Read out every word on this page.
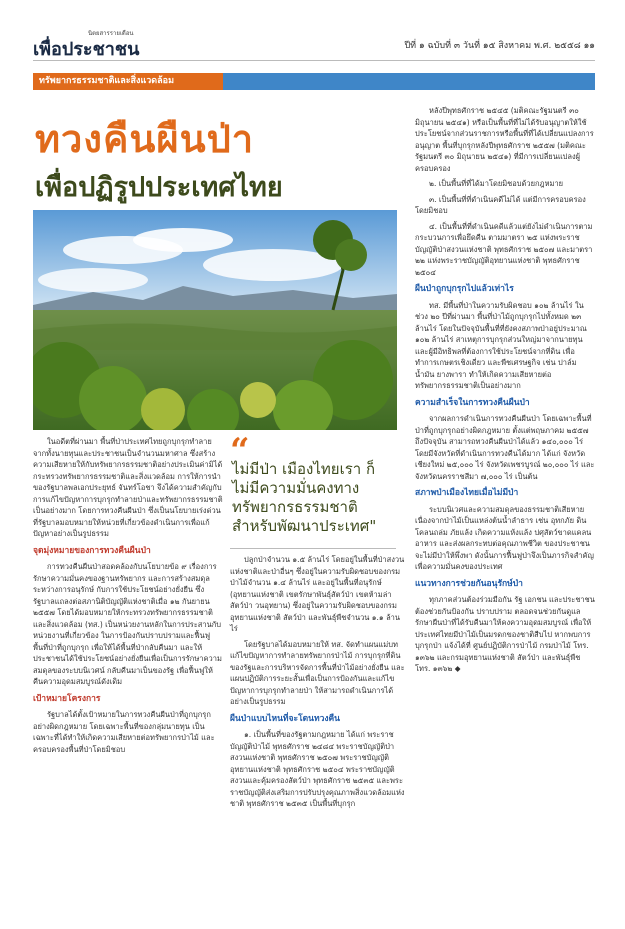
นิตยสารรายเดือน
เพื่อประชาชน	ปีที่ ๑ ฉบับที่ ๓ วันที่ ๑๕ สิงหาคม พ.ศ. ๒๕๕๘ ๑๑
ทรัพยากรธรรมชาติและสิ่งแวดล้อม
ทวงคืนผืนป่า
เพื่อปฏิรูปประเทศไทย

ในอดีตที่ผ่านมา พื้นที่ป่าประเทศไทยถูกบุกรุกทำลายจากทั้งนายทุนและประชาชนเป็นจำนวนมหาศาล ซึ่งสร้างความเสียหายให้กับทรัพยากรธรรมชาติอย่างประเมินค่ามิได้ กระทรวงทรัพยากรธรรมชาติและสิ่งแวดล้อม การให้การนำของรัฐบาลพลเอกประยุทธ์ จันทร์โอชา จึงได้ความสำคัญกับการแก้ไขปัญหาการบุกรุกทำลายป่าและทรัพยากรธรรมชาติเป็นอย่างมาก โดยการทวงคืนผืนป่า ซึ่งเป็นนโยบายเร่งด่วนที่รัฐบาลมอบหมายให้หน่วยที่เกี่ยวข้องดำเนินการเพื่อแก้ปัญหาอย่างเป็นรูปธรรม

จุดมุ่งหมายของการทวงคืนผืนป่า

การทวงคืนผืนป่าสอดคล้องกับนโยบายข้อ ๙ เรื่องการรักษาความมั่นคงของฐานทรัพยากร และการสร้างสมดุลระหว่างการอนุรักษ์ กับการใช้ประโยชน์อย่างยั่งยืน ซึ่งรัฐบาลแถลงต่อสภานิติบัญญัติแห่งชาติเมื่อ ๑๒ กันยายน ๒๕๕๗ โดยได้มอบหมายให้กระทรวงทรัพยากรธรรมชาติและสิ่งแวดล้อม (ทส.) เป็นหน่วยงานหลักในการประสานกับหน่วยงานที่เกี่ยวข้อง ในการป้องกันปราบปรามและฟื้นฟูพื้นที่ป่าที่ถูกบุกรุก เพื่อให้ได้พื้นที่ป่ากลับคืนมา และให้ประชาชนได้ใช้ประโยชน์อย่างยั่งยืนเพื่อเป็นการรักษาความสมดุลของระบบนิเวศน์ กลับคืนมาเป็นของรัฐ เพื่อฟื้นฟูให้คืนความอุดมสมบูรณ์ดังเดิม

เป้าหมายโครงการ

รัฐบาลได้ตั้งเป้าหมายในการทวงคืนผืนป่าที่ถูกบุกรุกอย่างผิดกฎหมาย โดยเฉพาะพื้นที่ของกลุ่มนายทุน เป็นเฉพาะที่ได้ทำให้เกิดความเสียหายต่อทรัพยากรป่าไม้ และครอบครองพื้นที่ป่าโดยมิชอบ

“
ไม่มีป่า เมืองไทยเรา ก็ไม่มีความมั่นคงทาง ทรัพยากรธรรมชาติ สำหรับพัฒนาประเทศ"

ปลูกป่าจำนวน ๑.๕ ล้านไร่ โดยอยู่ในพื้นที่ป่าสงวนแห่งชาติและป่าอื่นๆ ซึ่งอยู่ในความรับผิดชอบของกรมป่าไม้จำนวน ๑.๔ ล้านไร่ และอยู่ในพื้นที่อนุรักษ์ (อุทยานแห่งชาติ เขตรักษาพันธุ์สัตว์ป่า เขตห้ามล่าสัตว์ป่า วนอุทยาน) ซึ่งอยู่ในความรับผิดชอบของกรมอุทยานแห่งชาติ สัตว์ป่า และพันธุ์พืชจำนวน ๑.๑ ล้านไร่

โดยรัฐบาลได้มอบหมายให้ ทส. จัดทำแผนแม่บทแก้ไขปัญหาการทำลายทรัพยากรป่าไม้ การบุกรุกที่ดินของรัฐและการบริหารจัดการพื้นที่ป่าไม้อย่างยั่งยืน และแผนปฏิบัติการระยะสั้นเพื่อเป็นการป้องกันและแก้ไขปัญหาการบุกรุกทำลายป่า ให้สามารถดำเนินการได้อย่างเป็นรูปธรรม

ผืนป่าแบบไหนที่จะโดนทวงคืน

๑. เป็นพื้นที่ของรัฐตามกฎหมาย ได้แก่ พระราชบัญญัติป่าไม้ พุทธศักราช ๒๔๘๔ พระราชบัญญัติป่าสงวนแห่งชาติ พุทธศักราช ๒๕๐๗ พระราชบัญญัติอุทยานแห่งชาติ พุทธศักราช ๒๕๐๔ พระราชบัญญัติสงวนและคุ้มครองสัตว์ป่า พุทธศักราช ๒๕๓๕ และพระราชบัญญัติส่งเสริมการปรับปรุงคุณภาพสิ่งแวดล้อมแห่งชาติ พุทธศักราช ๒๕๓๕ เป็นพื้นที่บุกรุก

หลังปีพุทธศักราช ๒๕๔๕ (มติคณะรัฐมนตรี ๓๐ มิถุนายน ๒๕๔๑) หรือเป็นพื้นที่ที่ไม่ได้รับอนุญาตให้ใช้ประโยชน์จากส่วนราชการหรือพื้นที่ที่ได้เปลี่ยนแปลงการอนุญาต พื้นที่บุกรุกหลังปีพุทธศักราช ๒๕๕๗ (มติคณะรัฐมนตรี ๓๐ มิถุนายน ๒๕๔๑) ที่มีการเปลี่ยนแปลงผู้ครอบครอง

๒. เป็นพื้นที่ที่ได้มาโดยมิชอบด้วยกฎหมาย

๓. เป็นพื้นที่ที่ดำเนินคดีไม่ได้ แต่มีการครอบครองโดยมิชอบ

๔. เป็นพื้นที่ที่ดำเนินคดีแล้วแต่ยังไม่ดำเนินการตามกระบวนการเพื่อยึดคืน ตามมาตรา ๒๕ แห่งพระราชบัญญัติป่าสงวนแห่งชาติ พุทธศักราช ๒๕๐๗ และมาตรา ๒๒ แห่งพระราชบัญญัติอุทยานแห่งชาติ พุทธศักราช ๒๕๐๔

ผืนป่าถูกบุกรุกไปแล้วเท่าไร

ทส. มีพื้นที่ป่าในความรับผิดชอบ ๑๐๒ ล้านไร่ ในช่วง ๒๐ ปีที่ผ่านมา พื้นที่ป่าไม้ถูกบุกรุกไปทั้งหมด ๒๓ ล้านไร่ โดยในปัจจุบันพื้นที่ที่ยังคงสภาพป่าอยู่ประมาณ ๑๐๒ ล้านไร่ สาเหตุการบุกรุกส่วนใหญ่มาจากนายทุนและผู้มีอิทธิพลที่ต้องการใช้ประโยชน์จากที่ดิน เพื่อทำการเกษตรเชิงเดี่ยว และพืชเศรษฐกิจ เช่น ปาล์มน้ำมัน ยางพารา ทำให้เกิดความเสียหายต่อทรัพยากรธรรมชาติเป็นอย่างมาก

ความสำเร็จในการทวงคืนผืนป่า

จากผลการดำเนินการทวงคืนผืนป่า โดยเฉพาะพื้นที่ป่าที่ถูกบุกรุกอย่างผิดกฎหมาย ตั้งแต่พฤษภาคม ๒๕๕๗ ถึงปัจจุบัน สามารถทวงคืนผืนป่าได้แล้ว ๑๔๐,๐๐๐ ไร่ โดยมีจังหวัดที่ดำเนินการทวงคืนได้มาก ได้แก่ จังหวัดเชียงใหม่ ๒๕,๐๐๐ ไร่ จังหวัดเพชรบูรณ์ ๒๐,๐๐๐ ไร่ และจังหวัดนครราชสีมา ๗,๐๐๐ ไร่ เป็นต้น

สภาพป่าเมืองไทยเมื่อไม่มีป่า

ระบบนิเวศและความสมดุลของธรรมชาติเสียหาย เนื่องจากป่าไม้เป็นแหล่งต้นน้ำลำธาร เช่น อุทกภัย ดินโคลนถล่ม ภัยแล้ง เกิดความแห้งแล้ง ปศุสัตว์ขาดแคลนอาหาร และส่งผลกระทบต่อคุณภาพชีวิต ของประชาชน จะไม่มีป่าให้พึ่งพา ดังนั้นการฟื้นฟูป่าจึงเป็นภารกิจสำคัญเพื่อความมั่นคงของประเทศ

แนวทางการช่วยกันอนุรักษ์ป่า

ทุกภาคส่วนต้องร่วมมือกัน รัฐ เอกชน และประชาชนต้องช่วยกันป้องกัน ปราบปราม ตลอดจนช่วยกันดูแลรักษาผืนป่าที่ได้รับคืนมาให้คงความอุดมสมบูรณ์ เพื่อให้ประเทศไทยมีป่าไม้เป็นมรดกของชาติสืบไป หากพบการบุกรุกป่า แจ้งได้ที่ ศูนย์ปฏิบัติการป่าไม้ กรมป่าไม้ โทร. ๑๓๖๒ และกรมอุทยานแห่งชาติ สัตว์ป่า และพันธุ์พืช โทร. ๑๓๖๒ ◆
